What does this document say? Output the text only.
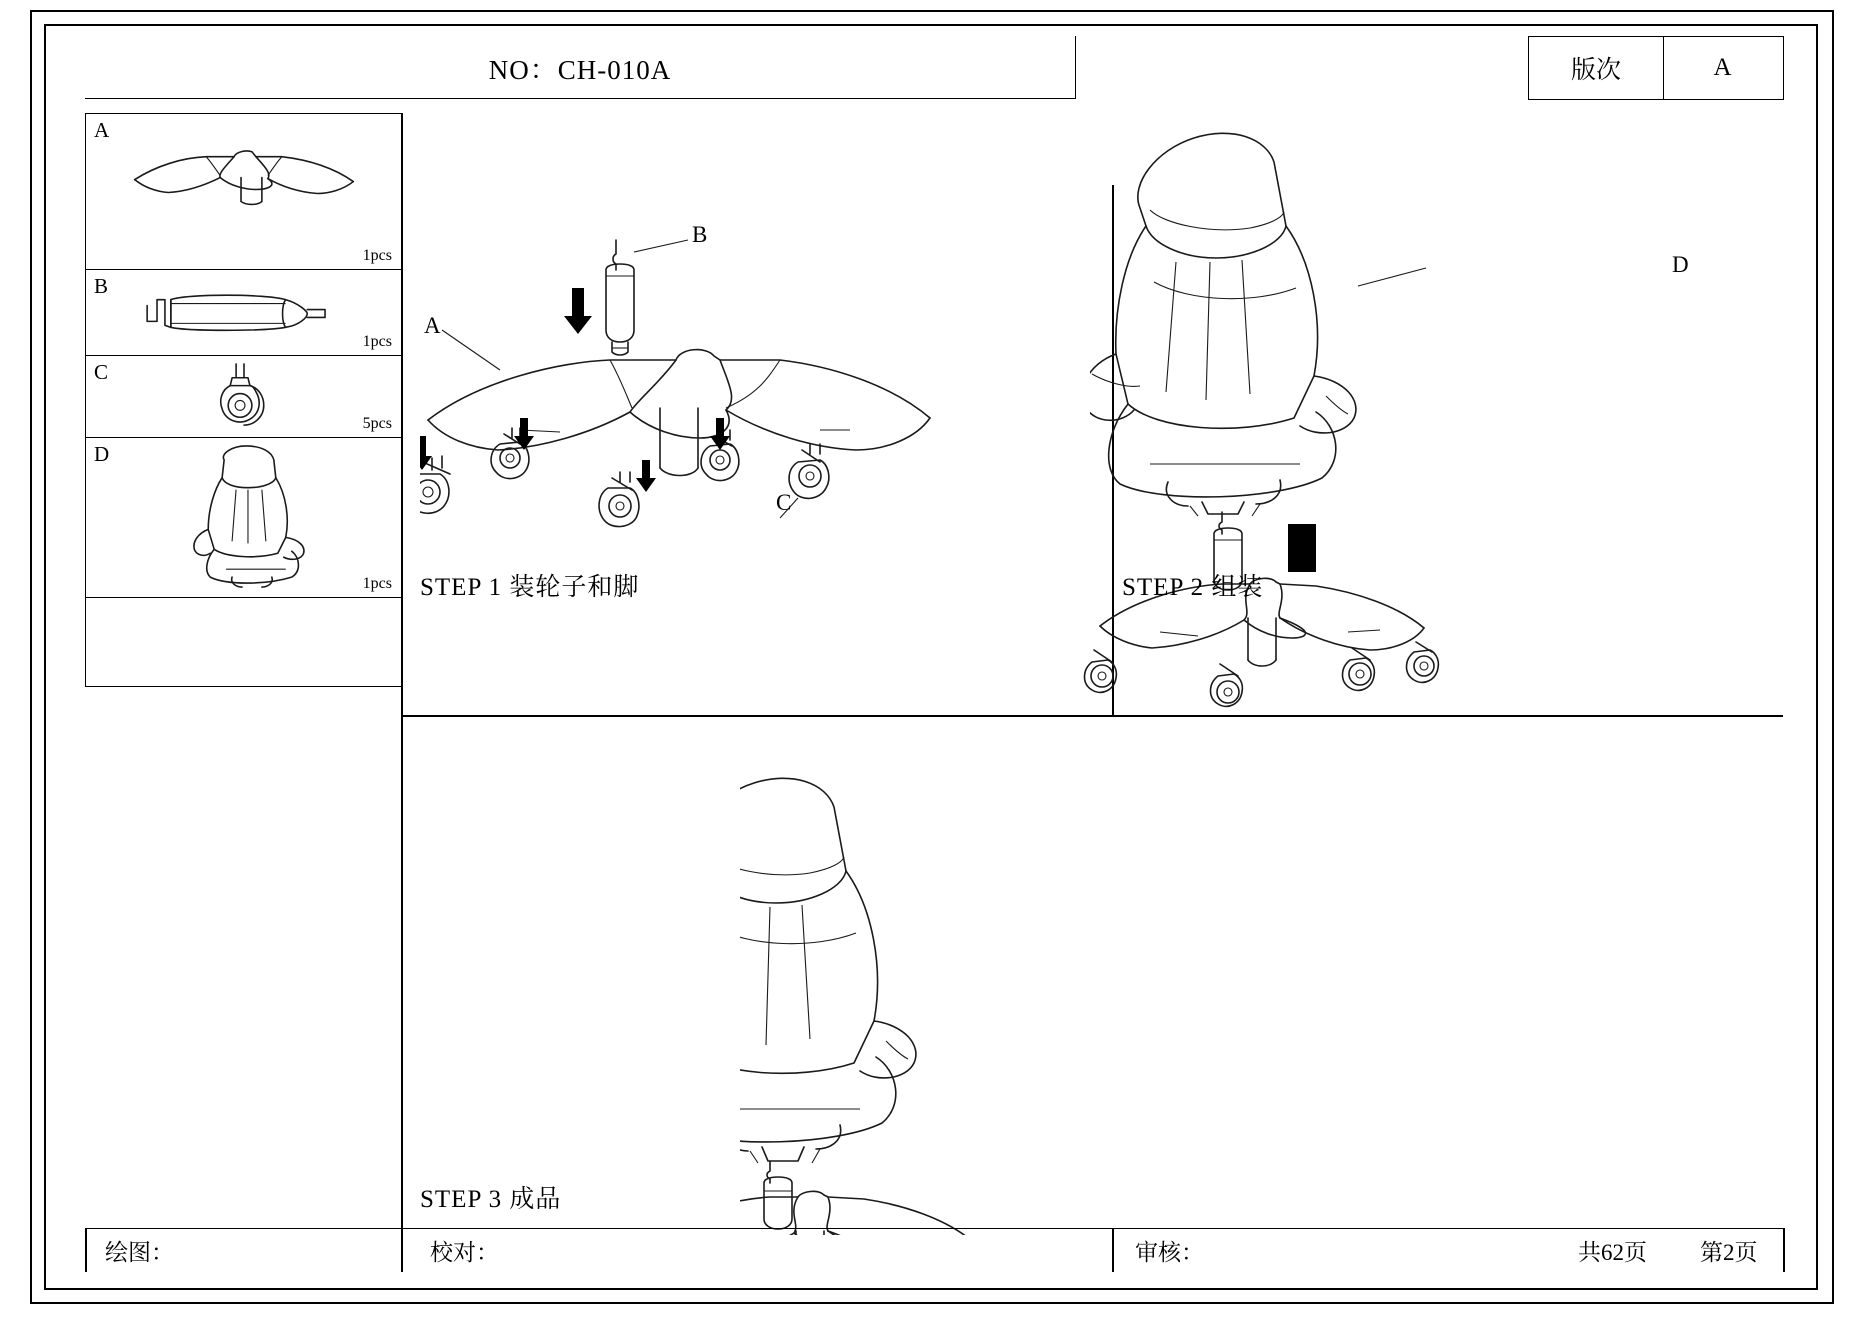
NO：CH-010A	版次	A
A
1pcs
B
1pcs
C
5pcs
D
1pcs
B
A
C
STEP 1 装轮子和脚
D
STEP 2 组装
STEP 3 成品
绘图：	校对：	审核：	共62页	第2页
